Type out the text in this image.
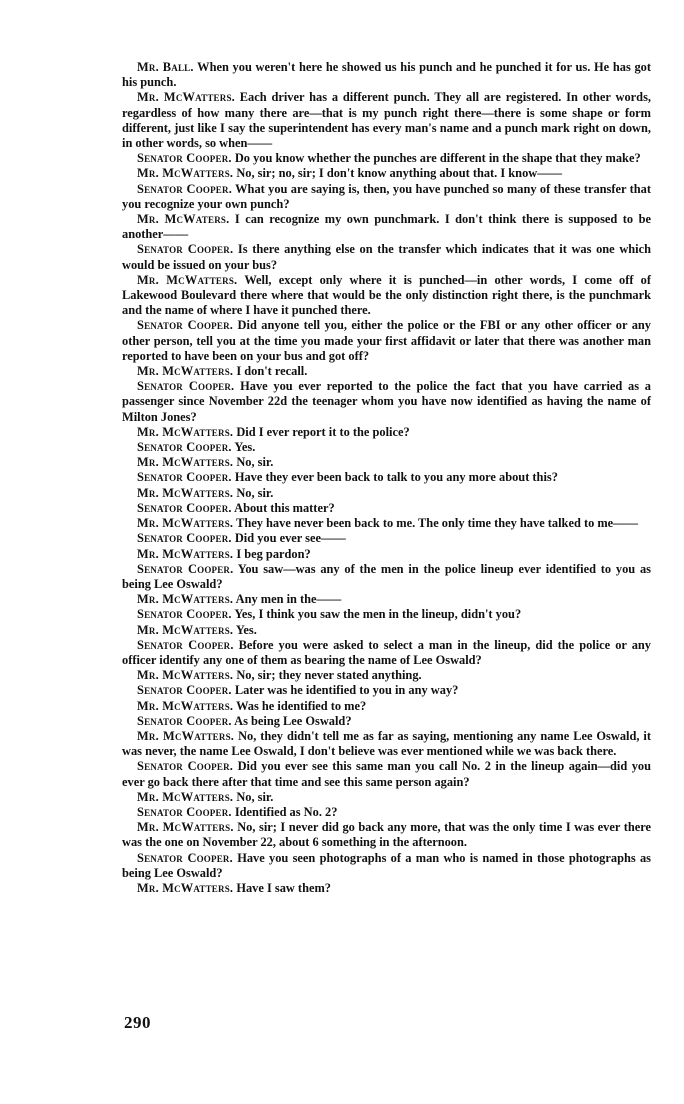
Mr. Ball. When you weren't here he showed us his punch and he punched it for us. He has got his punch.

Mr. McWatters. Each driver has a different punch. They all are registered. In other words, regardless of how many there are—that is my punch right there—there is some shape or form different, just like I say the superintendent has every man's name and a punch mark right on down, in other words, so when——

Senator Cooper. Do you know whether the punches are different in the shape that they make?

Mr. McWatters. No, sir; no, sir; I don't know anything about that. I know——

Senator Cooper. What you are saying is, then, you have punched so many of these transfer that you recognize your own punch?

Mr. McWaters. I can recognize my own punchmark. I don't think there is supposed to be another——

Senator Cooper. Is there anything else on the transfer which indicates that it was one which would be issued on your bus?

Mr. McWatters. Well, except only where it is punched—in other words, I come off of Lakewood Boulevard there where that would be the only distinction right there, is the punchmark and the name of where I have it punched there.

Senator Cooper. Did anyone tell you, either the police or the FBI or any other officer or any other person, tell you at the time you made your first affidavit or later that there was another man reported to have been on your bus and got off?

Mr. McWatters. I don't recall.

Senator Cooper. Have you ever reported to the police the fact that you have carried as a passenger since November 22d the teenager whom you have now identified as having the name of Milton Jones?

Mr. McWatters. Did I ever report it to the police?

Senator Cooper. Yes.

Mr. McWatters. No, sir.

Senator Cooper. Have they ever been back to talk to you any more about this?

Mr. McWatters. No, sir.

Senator Cooper. About this matter?

Mr. McWatters. They have never been back to me. The only time they have talked to me——

Senator Cooper. Did you ever see——

Mr. McWatters. I beg pardon?

Senator Cooper. You saw—was any of the men in the police lineup ever identified to you as being Lee Oswald?

Mr. McWatters. Any men in the——

Senator Cooper. Yes, I think you saw the men in the lineup, didn't you?

Mr. McWatters. Yes.

Senator Cooper. Before you were asked to select a man in the lineup, did the police or any officer identify any one of them as bearing the name of Lee Oswald?

Mr. McWatters. No, sir; they never stated anything.

Senator Cooper. Later was he identified to you in any way?

Mr. McWatters. Was he identified to me?

Senator Cooper. As being Lee Oswald?

Mr. McWatters. No, they didn't tell me as far as saying, mentioning any name Lee Oswald, it was never, the name Lee Oswald, I don't believe was ever mentioned while we was back there.

Senator Cooper. Did you ever see this same man you call No. 2 in the lineup again—did you ever go back there after that time and see this same person again?

Mr. McWatters. No, sir.

Senator Cooper. Identified as No. 2?

Mr. McWatters. No, sir; I never did go back any more, that was the only time I was ever there was the one on November 22, about 6 something in the afternoon.

Senator Cooper. Have you seen photographs of a man who is named in those photographs as being Lee Oswald?

Mr. McWatters. Have I saw them?

290
